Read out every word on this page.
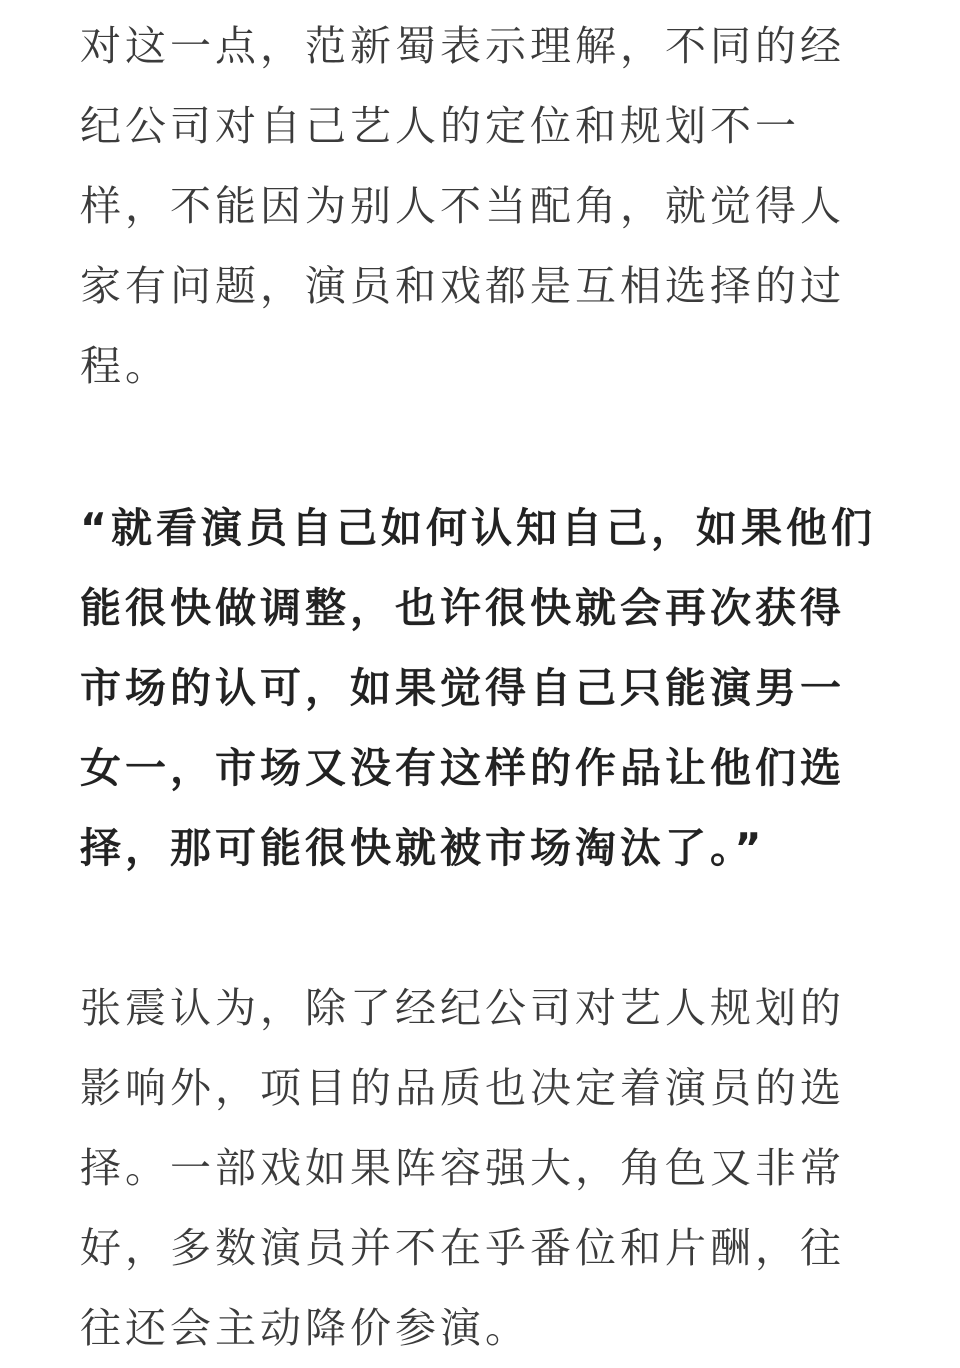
对这一点，范新蜀表示理解，不同的经
纪公司对自己艺人的定位和规划不一
样，不能因为别人不当配角，就觉得人
家有问题，演员和戏都是互相选择的过
程。

“就看演员自己如何认知自己，如果他们
能很快做调整，也许很快就会再次获得
市场的认可，如果觉得自己只能演男一
女一，市场又没有这样的作品让他们选
择，那可能很快就被市场淘汰了。”

张震认为，除了经纪公司对艺人规划的
影响外，项目的品质也决定着演员的选
择。一部戏如果阵容强大，角色又非常
好，多数演员并不在乎番位和片酬，往
往还会主动降价参演。
